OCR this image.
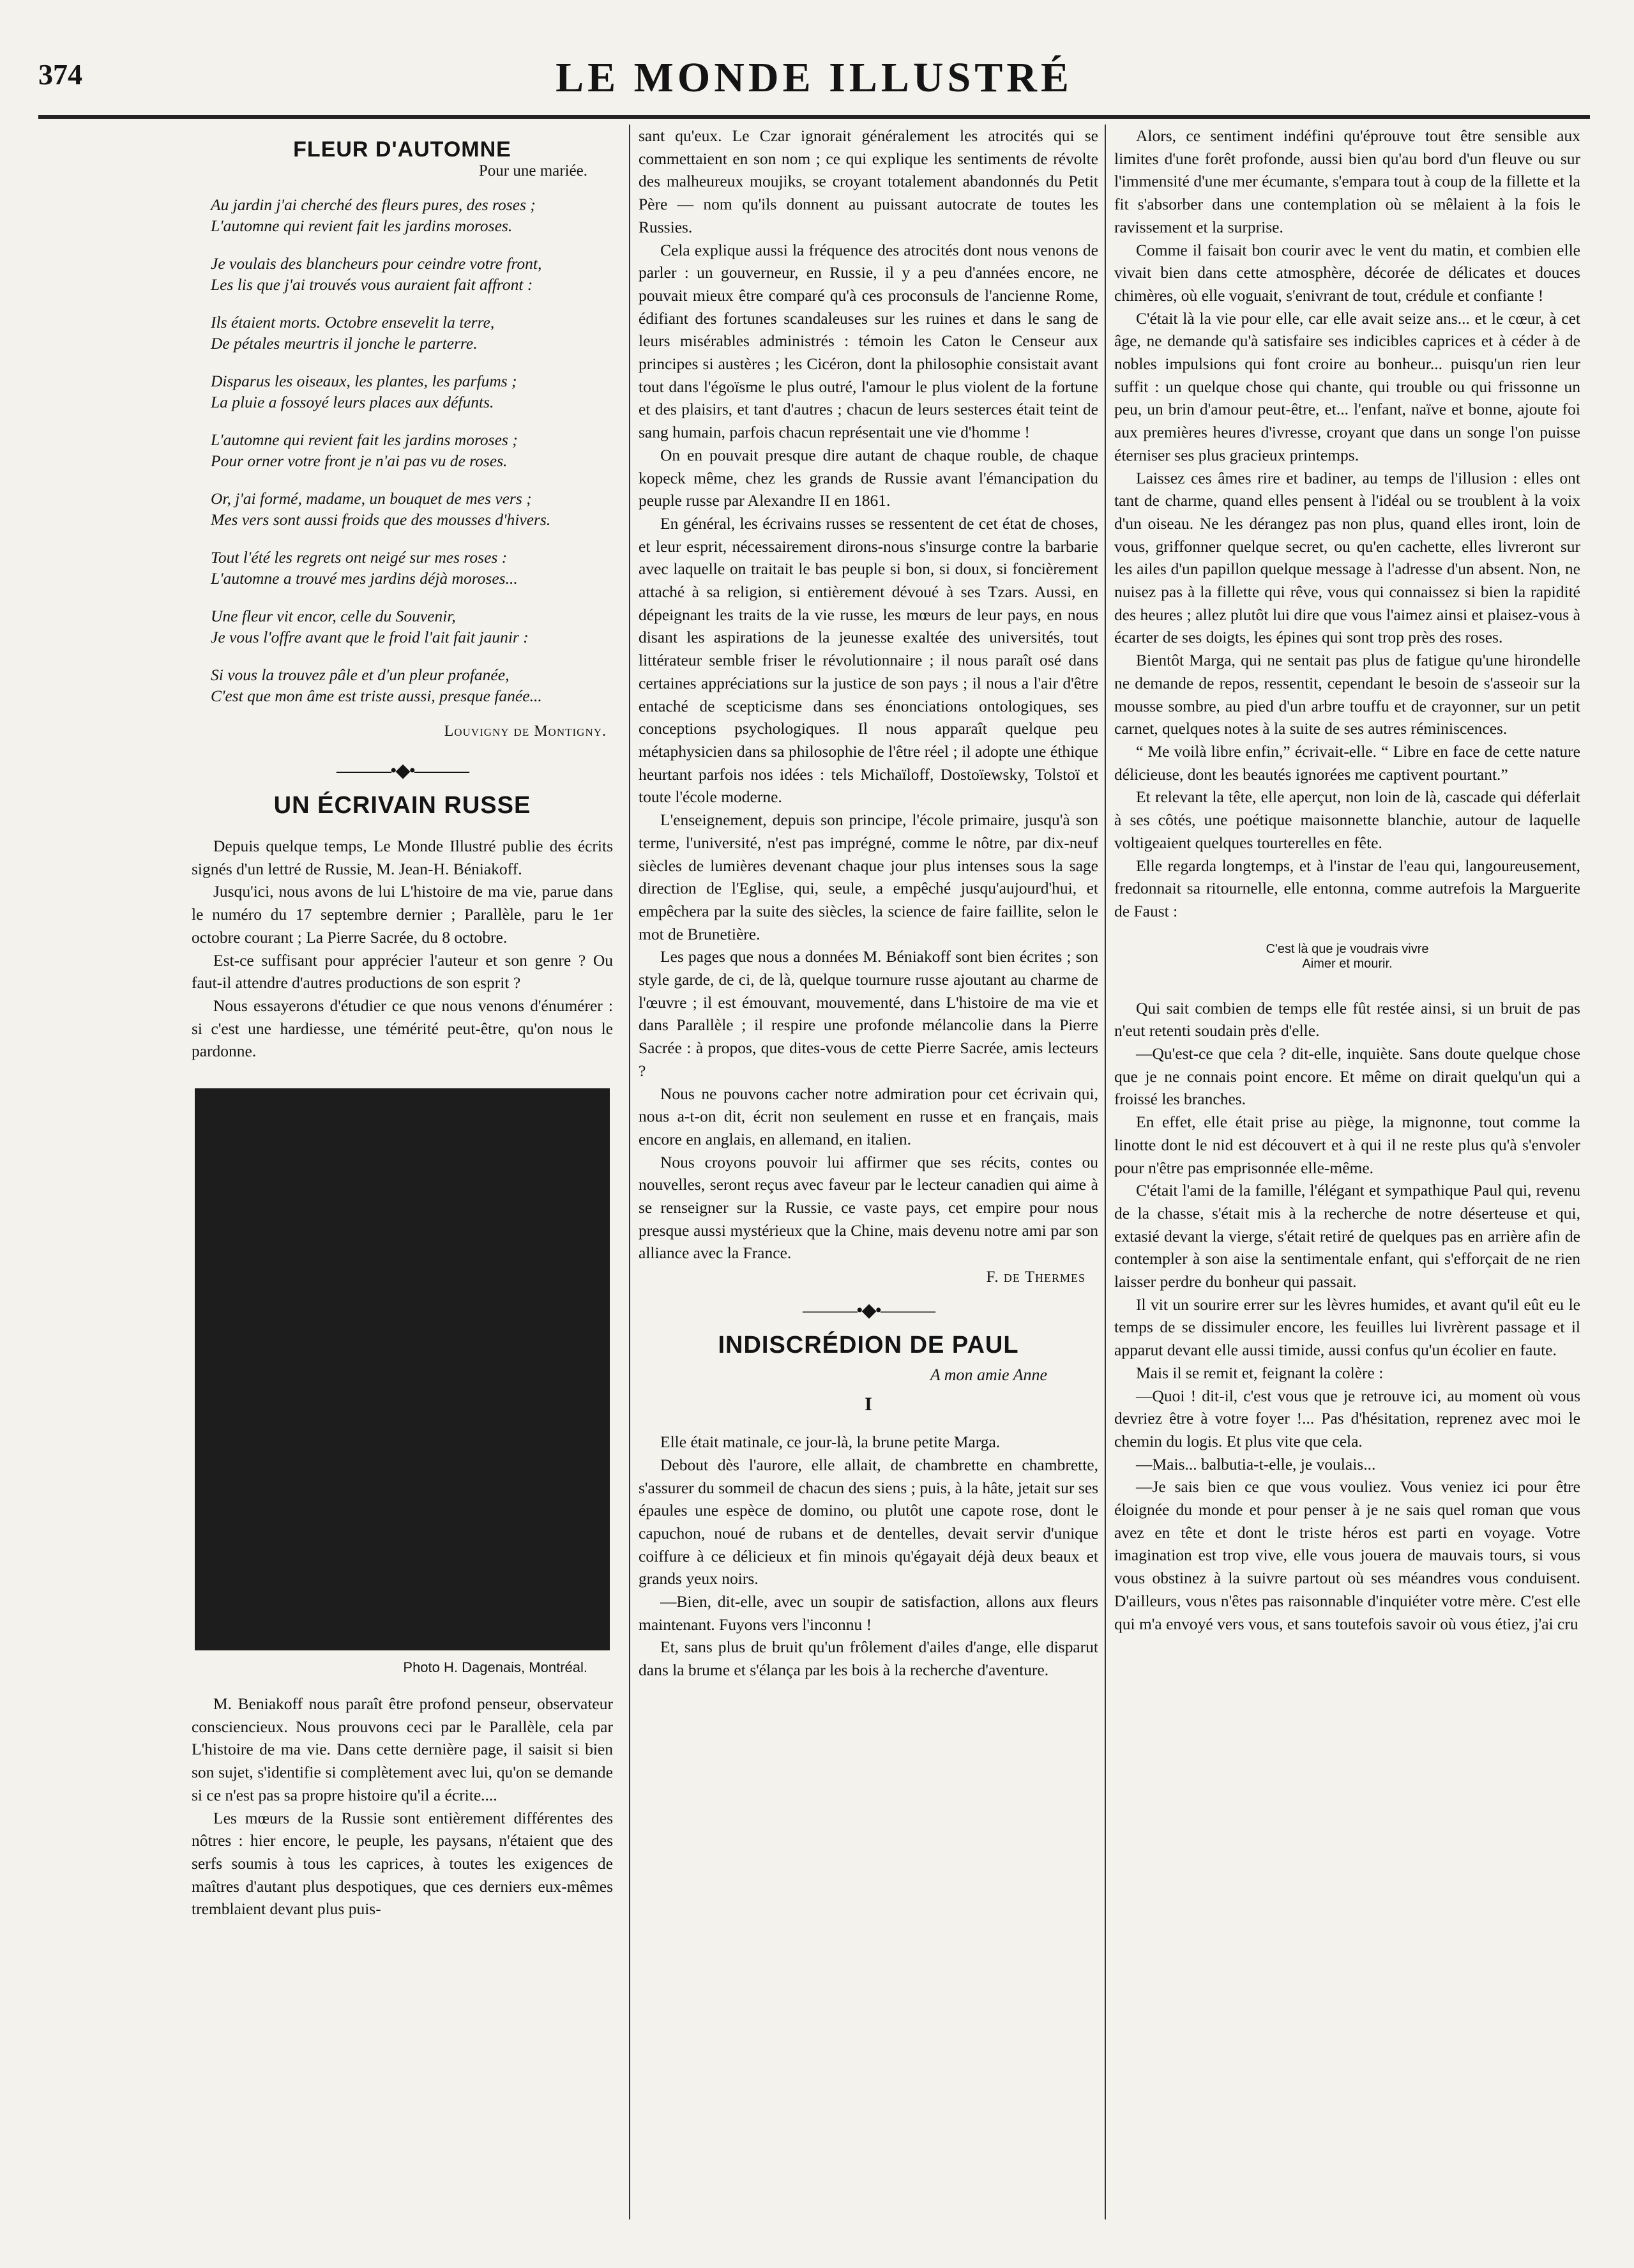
374	LE MONDE ILLUSTRÉ
FLEUR D'AUTOMNE
Pour une mariée.
Au jardin j'ai cherché des fleurs pures, des roses ;
L'automne qui revient fait les jardins moroses.
Je voulais des blancheurs pour ceindre votre front,
Les lis que j'ai trouvés vous auraient fait affront :
Ils étaient morts. Octobre ensevelit la terre,
De pétales meurtris il jonche le parterre.
Disparus les oiseaux, les plantes, les parfums ;
La pluie a fossoyé leurs places aux défunts.
L'automne qui revient fait les jardins moroses ;
Pour orner votre front je n'ai pas vu de roses.
Or, j'ai formé, madame, un bouquet de mes vers ;
Mes vers sont aussi froids que des mousses d'hivers.
Tout l'été les regrets ont neigé sur mes roses :
L'automne a trouvé mes jardins déjà moroses...
Une fleur vit encor, celle du Souvenir,
Je vous l'offre avant que le froid l'ait fait jaunir :
Si vous la trouvez pâle et d'un pleur profanée,
C'est que mon âme est triste aussi, presque fanée...
Louvigny de Montigny.
———•◆•———
UN ÉCRIVAIN RUSSE

Depuis quelque temps, Le Monde Illustré publie des écrits signés d'un lettré de Russie, M. Jean-H. Béniakoff.

Jusqu'ici, nous avons de lui L'histoire de ma vie, parue dans le numéro du 17 septembre dernier ; Parallèle, paru le 1er octobre courant ; La Pierre Sacrée, du 8 octobre.

Est-ce suffisant pour apprécier l'auteur et son genre ? Ou faut-il attendre d'autres productions de son esprit ?

Nous essayerons d'étudier ce que nous venons d'énumérer : si c'est une hardiesse, une témérité peut-être, qu'on nous le pardonne.

Photo H. Dagenais, Montréal.

M. Beniakoff nous paraît être profond penseur, observateur consciencieux. Nous prouvons ceci par le Parallèle, cela par L'histoire de ma vie. Dans cette dernière page, il saisit si bien son sujet, s'identifie si complètement avec lui, qu'on se demande si ce n'est pas sa propre histoire qu'il a écrite....

Les mœurs de la Russie sont entièrement différentes des nôtres : hier encore, le peuple, les paysans, n'étaient que des serfs soumis à tous les caprices, à toutes les exigences de maîtres d'autant plus despotiques, que ces derniers eux-mêmes tremblaient devant plus puis-

sant qu'eux. Le Czar ignorait généralement les atrocités qui se commettaient en son nom ; ce qui explique les sentiments de révolte des malheureux moujiks, se croyant totalement abandonnés du Petit Père — nom qu'ils donnent au puissant autocrate de toutes les Russies.

Cela explique aussi la fréquence des atrocités dont nous venons de parler : un gouverneur, en Russie, il y a peu d'années encore, ne pouvait mieux être comparé qu'à ces proconsuls de l'ancienne Rome, édifiant des fortunes scandaleuses sur les ruines et dans le sang de leurs misérables administrés : témoin les Caton le Censeur aux principes si austères ; les Cicéron, dont la philosophie consistait avant tout dans l'égoïsme le plus outré, l'amour le plus violent de la fortune et des plaisirs, et tant d'autres ; chacun de leurs sesterces était teint de sang humain, parfois chacun représentait une vie d'homme !

On en pouvait presque dire autant de chaque rouble, de chaque kopeck même, chez les grands de Russie avant l'émancipation du peuple russe par Alexandre II en 1861.

En général, les écrivains russes se ressentent de cet état de choses, et leur esprit, nécessairement dirons-nous s'insurge contre la barbarie avec laquelle on traitait le bas peuple si bon, si doux, si foncièrement attaché à sa religion, si entièrement dévoué à ses Tzars. Aussi, en dépeignant les traits de la vie russe, les mœurs de leur pays, en nous disant les aspirations de la jeunesse exaltée des universités, tout littérateur semble friser le révolutionnaire ; il nous paraît osé dans certaines appréciations sur la justice de son pays ; il nous a l'air d'être entaché de scepticisme dans ses énonciations ontologiques, ses conceptions psychologiques. Il nous apparaît quelque peu métaphysicien dans sa philosophie de l'être réel ; il adopte une éthique heurtant parfois nos idées : tels Michaïloff, Dostoïewsky, Tolstoï et toute l'école moderne.

L'enseignement, depuis son principe, l'école primaire, jusqu'à son terme, l'université, n'est pas imprégné, comme le nôtre, par dix-neuf siècles de lumières devenant chaque jour plus intenses sous la sage direction de l'Eglise, qui, seule, a empêché jusqu'aujourd'hui, et empêchera par la suite des siècles, la science de faire faillite, selon le mot de Brunetière.

Les pages que nous a données M. Béniakoff sont bien écrites ; son style garde, de ci, de là, quelque tournure russe ajoutant au charme de l'œuvre ; il est émouvant, mouvementé, dans L'histoire de ma vie et dans Parallèle ; il respire une profonde mélancolie dans la Pierre Sacrée : à propos, que dites-vous de cette Pierre Sacrée, amis lecteurs ?

Nous ne pouvons cacher notre admiration pour cet écrivain qui, nous a-t-on dit, écrit non seulement en russe et en français, mais encore en anglais, en allemand, en italien.

Nous croyons pouvoir lui affirmer que ses récits, contes ou nouvelles, seront reçus avec faveur par le lecteur canadien qui aime à se renseigner sur la Russie, ce vaste pays, cet empire pour nous presque aussi mystérieux que la Chine, mais devenu notre ami par son alliance avec la France.

F. de Thermes
———•◆•———
INDISCRÉDION DE PAUL
A mon amie Anne
I

Elle était matinale, ce jour-là, la brune petite Marga.

Debout dès l'aurore, elle allait, de chambrette en chambrette, s'assurer du sommeil de chacun des siens ; puis, à la hâte, jetait sur ses épaules une espèce de domino, ou plutôt une capote rose, dont le capuchon, noué de rubans et de dentelles, devait servir d'unique coiffure à ce délicieux et fin minois qu'égayait déjà deux beaux et grands yeux noirs.

—Bien, dit-elle, avec un soupir de satisfaction, allons aux fleurs maintenant. Fuyons vers l'inconnu !

Et, sans plus de bruit qu'un frôlement d'ailes d'ange, elle disparut dans la brume et s'élança par les bois à la recherche d'aventure.

Alors, ce sentiment indéfini qu'éprouve tout être sensible aux limites d'une forêt profonde, aussi bien qu'au bord d'un fleuve ou sur l'immensité d'une mer écumante, s'empara tout à coup de la fillette et la fit s'absorber dans une contemplation où se mêlaient à la fois le ravissement et la surprise.

Comme il faisait bon courir avec le vent du matin, et combien elle vivait bien dans cette atmosphère, décorée de délicates et douces chimères, où elle voguait, s'enivrant de tout, crédule et confiante !

C'était là la vie pour elle, car elle avait seize ans... et le cœur, à cet âge, ne demande qu'à satisfaire ses indicibles caprices et à céder à de nobles impulsions qui font croire au bonheur... puisqu'un rien leur suffit : un quelque chose qui chante, qui trouble ou qui frissonne un peu, un brin d'amour peut-être, et... l'enfant, naïve et bonne, ajoute foi aux premières heures d'ivresse, croyant que dans un songe l'on puisse éterniser ses plus gracieux printemps.

Laissez ces âmes rire et badiner, au temps de l'illusion : elles ont tant de charme, quand elles pensent à l'idéal ou se troublent à la voix d'un oiseau. Ne les dérangez pas non plus, quand elles iront, loin de vous, griffonner quelque secret, ou qu'en cachette, elles livreront sur les ailes d'un papillon quelque message à l'adresse d'un absent. Non, ne nuisez pas à la fillette qui rêve, vous qui connaissez si bien la rapidité des heures ; allez plutôt lui dire que vous l'aimez ainsi et plaisez-vous à écarter de ses doigts, les épines qui sont trop près des roses.

Bientôt Marga, qui ne sentait pas plus de fatigue qu'une hirondelle ne demande de repos, ressentit, cependant le besoin de s'asseoir sur la mousse sombre, au pied d'un arbre touffu et de crayonner, sur un petit carnet, quelques notes à la suite de ses autres réminiscences.

“ Me voilà libre enfin,” écrivait-elle. “ Libre en face de cette nature délicieuse, dont les beautés ignorées me captivent pourtant.”

Et relevant la tête, elle aperçut, non loin de là, cascade qui déferlait à ses côtés, une poétique maisonnette blanchie, autour de laquelle voltigeaient quelques tourterelles en fête.

Elle regarda longtemps, et à l'instar de l'eau qui, langoureusement, fredonnait sa ritournelle, elle entonna, comme autrefois la Marguerite de Faust :

C'est là que je voudrais vivre
Aimer et mourir.

Qui sait combien de temps elle fût restée ainsi, si un bruit de pas n'eut retenti soudain près d'elle.

—Qu'est-ce que cela ? dit-elle, inquiète. Sans doute quelque chose que je ne connais point encore. Et même on dirait quelqu'un qui a froissé les branches.

En effet, elle était prise au piège, la mignonne, tout comme la linotte dont le nid est découvert et à qui il ne reste plus qu'à s'envoler pour n'être pas emprisonnée elle-même.

C'était l'ami de la famille, l'élégant et sympathique Paul qui, revenu de la chasse, s'était mis à la recherche de notre déserteuse et qui, extasié devant la vierge, s'était retiré de quelques pas en arrière afin de contempler à son aise la sentimentale enfant, qui s'efforçait de ne rien laisser perdre du bonheur qui passait.

Il vit un sourire errer sur les lèvres humides, et avant qu'il eût eu le temps de se dissimuler encore, les feuilles lui livrèrent passage et il apparut devant elle aussi timide, aussi confus qu'un écolier en faute.

Mais il se remit et, feignant la colère :

—Quoi ! dit-il, c'est vous que je retrouve ici, au moment où vous devriez être à votre foyer !... Pas d'hésitation, reprenez avec moi le chemin du logis. Et plus vite que cela.

—Mais... balbutia-t-elle, je voulais...

—Je sais bien ce que vous vouliez. Vous veniez ici pour être éloignée du monde et pour penser à je ne sais quel roman que vous avez en tête et dont le triste héros est parti en voyage. Votre imagination est trop vive, elle vous jouera de mauvais tours, si vous vous obstinez à la suivre partout où ses méandres vous conduisent. D'ailleurs, vous n'êtes pas raisonnable d'inquiéter votre mère. C'est elle qui m'a envoyé vers vous, et sans toutefois savoir où vous étiez, j'ai cru
